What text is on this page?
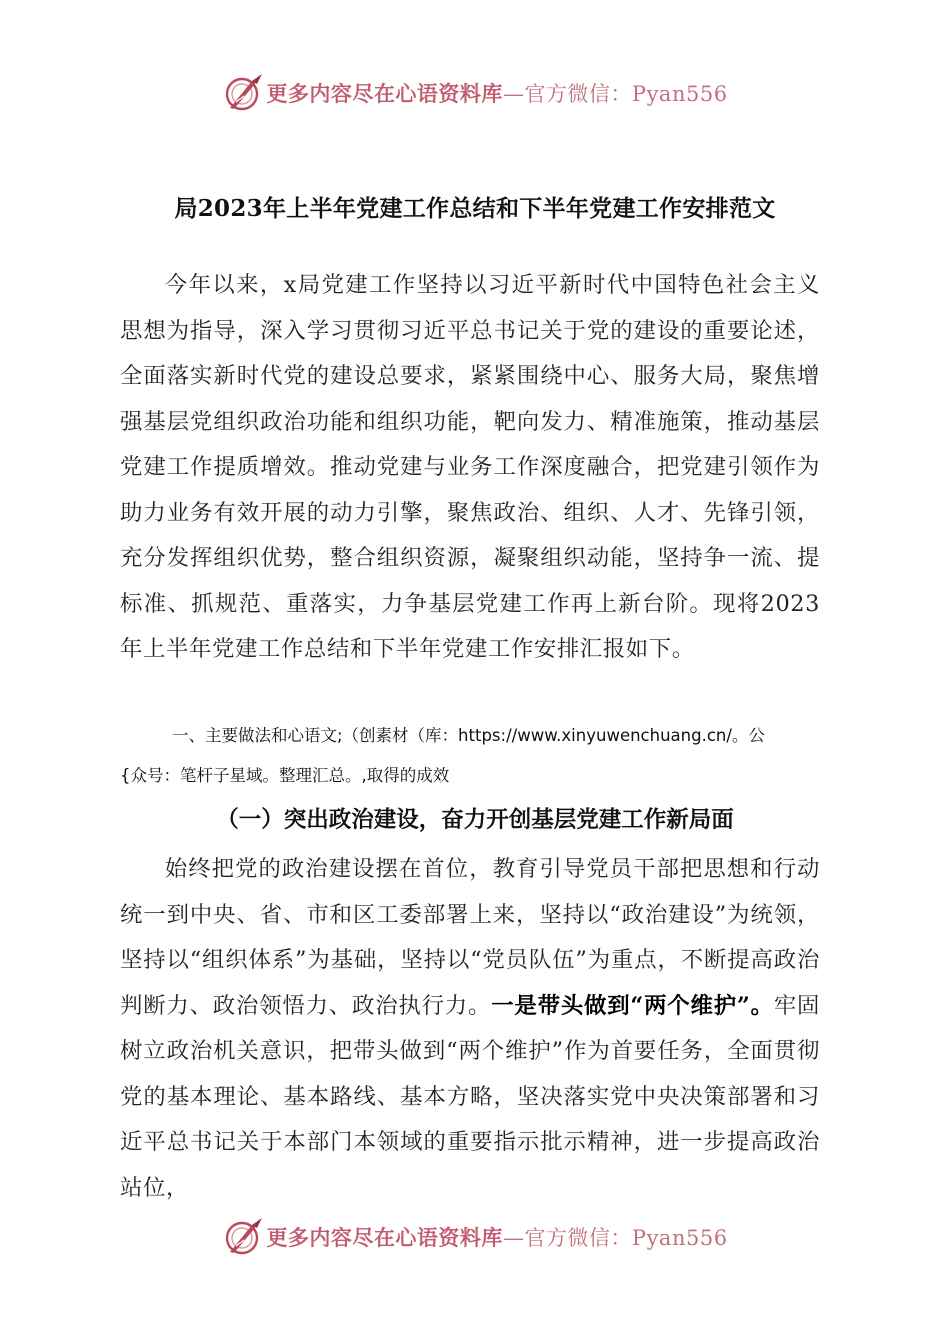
更多内容尽在心语资料库—官方微信：Pyan556
局2023年上半年党建工作总结和下半年党建工作安排范文

今年以来，x局党建工作坚持以习近平新时代中国特色社会主义思想为指导，深入学习贯彻习近平总书记关于党的建设的重要论述，全面落实新时代党的建设总要求，紧紧围绕中心、服务大局，聚焦增强基层党组织政治功能和组织功能，靶向发力、精准施策，推动基层党建工作提质增效。推动党建与业务工作深度融合，把党建引领作为助力业务有效开展的动力引擎，聚焦政治、组织、人才、先锋引领，充分发挥组织优势，整合组织资源，凝聚组织动能，坚持争一流、提标准、抓规范、重落实，力争基层党建工作再上新台阶。现将2023年上半年党建工作总结和下半年党建工作安排汇报如下。

一、主要做法和心语文;（创素材（库：https://www.xinyuwenchuang.cn/。公
{众号：笔杆子星域。整理汇总。,取得的成效
（一）突出政治建设，奋力开创基层党建工作新局面

始终把党的政治建设摆在首位，教育引导党员干部把思想和行动统一到中央、省、市和区工委部署上来，坚持以“政治建设”为统领，坚持以“组织体系”为基础，坚持以“党员队伍”为重点，不断提高政治判断力、政治领悟力、政治执行力。一是带头做到“两个维护”。牢固树立政治机关意识，把带头做到“两个维护”作为首要任务，全面贯彻党的基本理论、基本路线、基本方略，坚决落实党中央决策部署和习近平总书记关于本部门本领域的重要指示批示精神，进一步提高政治站位，

更多内容尽在心语资料库—官方微信：Pyan556
